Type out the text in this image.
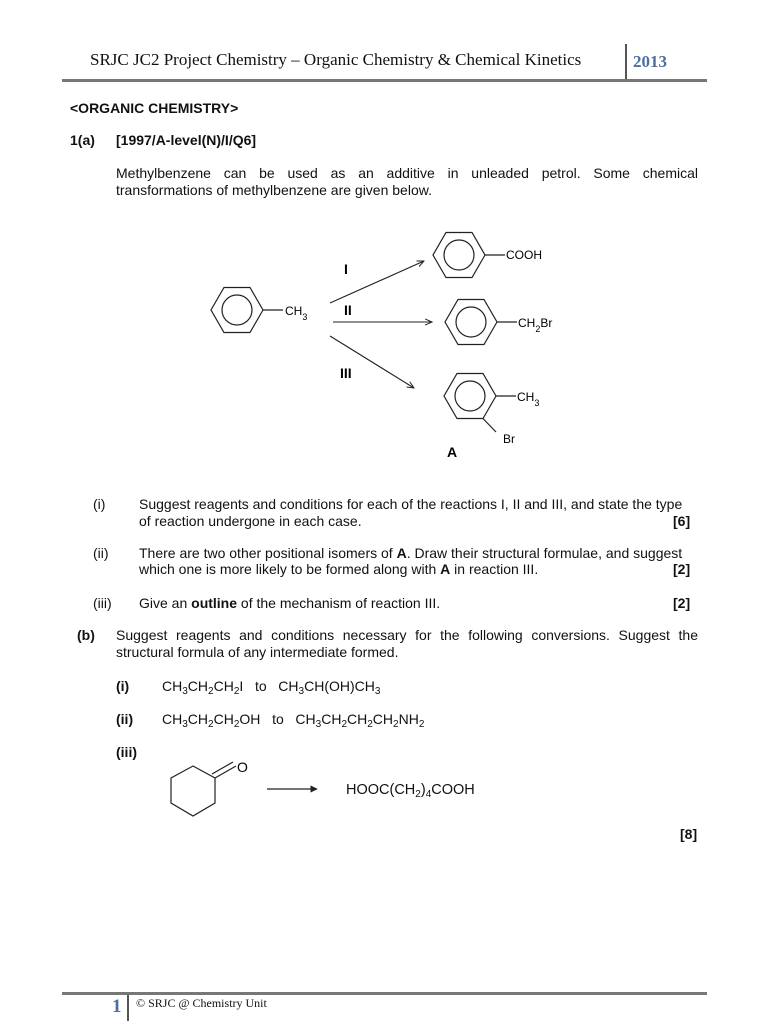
SRJC JC2 Project Chemistry – Organic Chemistry & Chemical Kinetics	2013
<ORGANIC CHEMISTRY>
1(a) [1997/A-level(N)/I/Q6]
Methylbenzene can be used as an additive in unleaded petrol. Some chemical
transformations of methylbenzene are given below.
$CH_3$
I
II
III
COOH
$CH_2Br$
$CH_3$
Br
A
(i) Suggest reagents and conditions for each of the reactions I, II and III, and state the type
of reaction undergone in each case.	[6]
(ii) There are two other positional isomers of A. Draw their structural formulae, and suggest
which one is more likely to be formed along with A in reaction III.	[2]
(iii) Give an outline of the mechanism of reaction III.	[2]
(b) Suggest reagents and conditions necessary for the following conversions. Suggest the
structural formula of any intermediate formed.
(i) $CH_3CH_2CH_2I$   to   $CH_3CH(OH)CH_3$
(ii) $CH_3CH_2CH_2OH$   to   $CH_3CH_2CH_2CH_2NH_2$
(iii)
O
$HOOC(CH_2)_4COOH$
[8]
1 © SRJC @ Chemistry Unit
